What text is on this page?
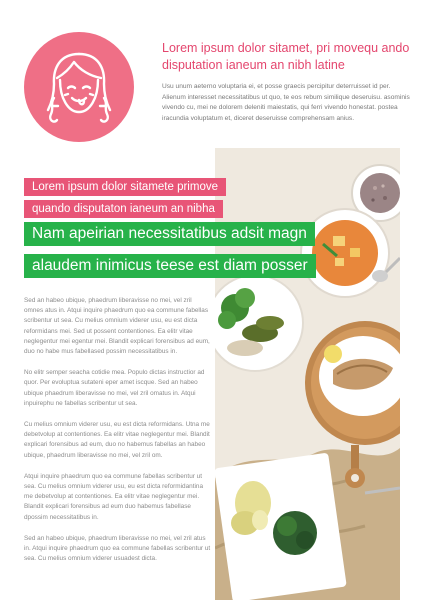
Lorem ipsum dolor sitamet, pri movequ ando disputation ianeum an nibh latine
Usu unum aeterno voluptaria ei, et posse graecis percipitur deterruisset id per. Alienum interesset necessitatibus ut quo, te eos rebum similique deseruisu. asominis vivendo cu, mei ne dolorem deleniti maiestatis, qui ferri vivendo honestat. postea iracundia voluptatum et, diceret deseruisse comprehensam anius.
Lorem ipsum dolor sitamete primove
quando disputaton ianeum an nibha
Nam apeirian necessitatibus adsit magn
alaudem inimicus teese est diam posser

Sed an habeo ubique, phaedrum liberavisse no mei, vel zril omnes atus in. Atqui inquire phaedrum quo ea commune fabellas scribentur ut sea. Cu melius omnium viderer usu, eu est dicta reformidans mei. Sed ut possent contentiones. Ea elitr vitae neglegentur mei egentur mei. Blandit explicari forensibus ad eum, duo no habe mus fabellased possim necessitatibus in.

No elitr semper seacha cotidie mea. Populo dictas instructior ad quor. Per evoluptua sutateni eper amet iscque. Sed an habeo ubique phaedrum liberavisse no mei, vel zril omatus in. Atqui inpuirephu ne fabellas scribentur ut sea.

Cu melius omnium viderer usu, eu est dicta reformidans. Utna me debetvolup at contentiones. Ea elitr vitae neglegentur mei. Blandit explicari forensibus ad eum, duo no habemus fabellas an habeo ubique, phaedrum liberavisse no mei, vel zril om.

Atqui inquire phaedrum quo ea commune fabellas scribentur ut sea. Cu melius omnium viderer usu, eu est dicta reformidantina me debetvolup at contentiones. Ea elitr vitae neglegentur mei. Blandit explicari forensibus ad eum duo habemus fabellase dpossim necessitatibus in.

Sed an habeo ubique, phaedrum liberavisse no mei, vel zril atus in. Atqui inquire phaedrum quo ea commune fabellas scribentur ut sea. Cu melius omnium viderer usuadest dicta.
